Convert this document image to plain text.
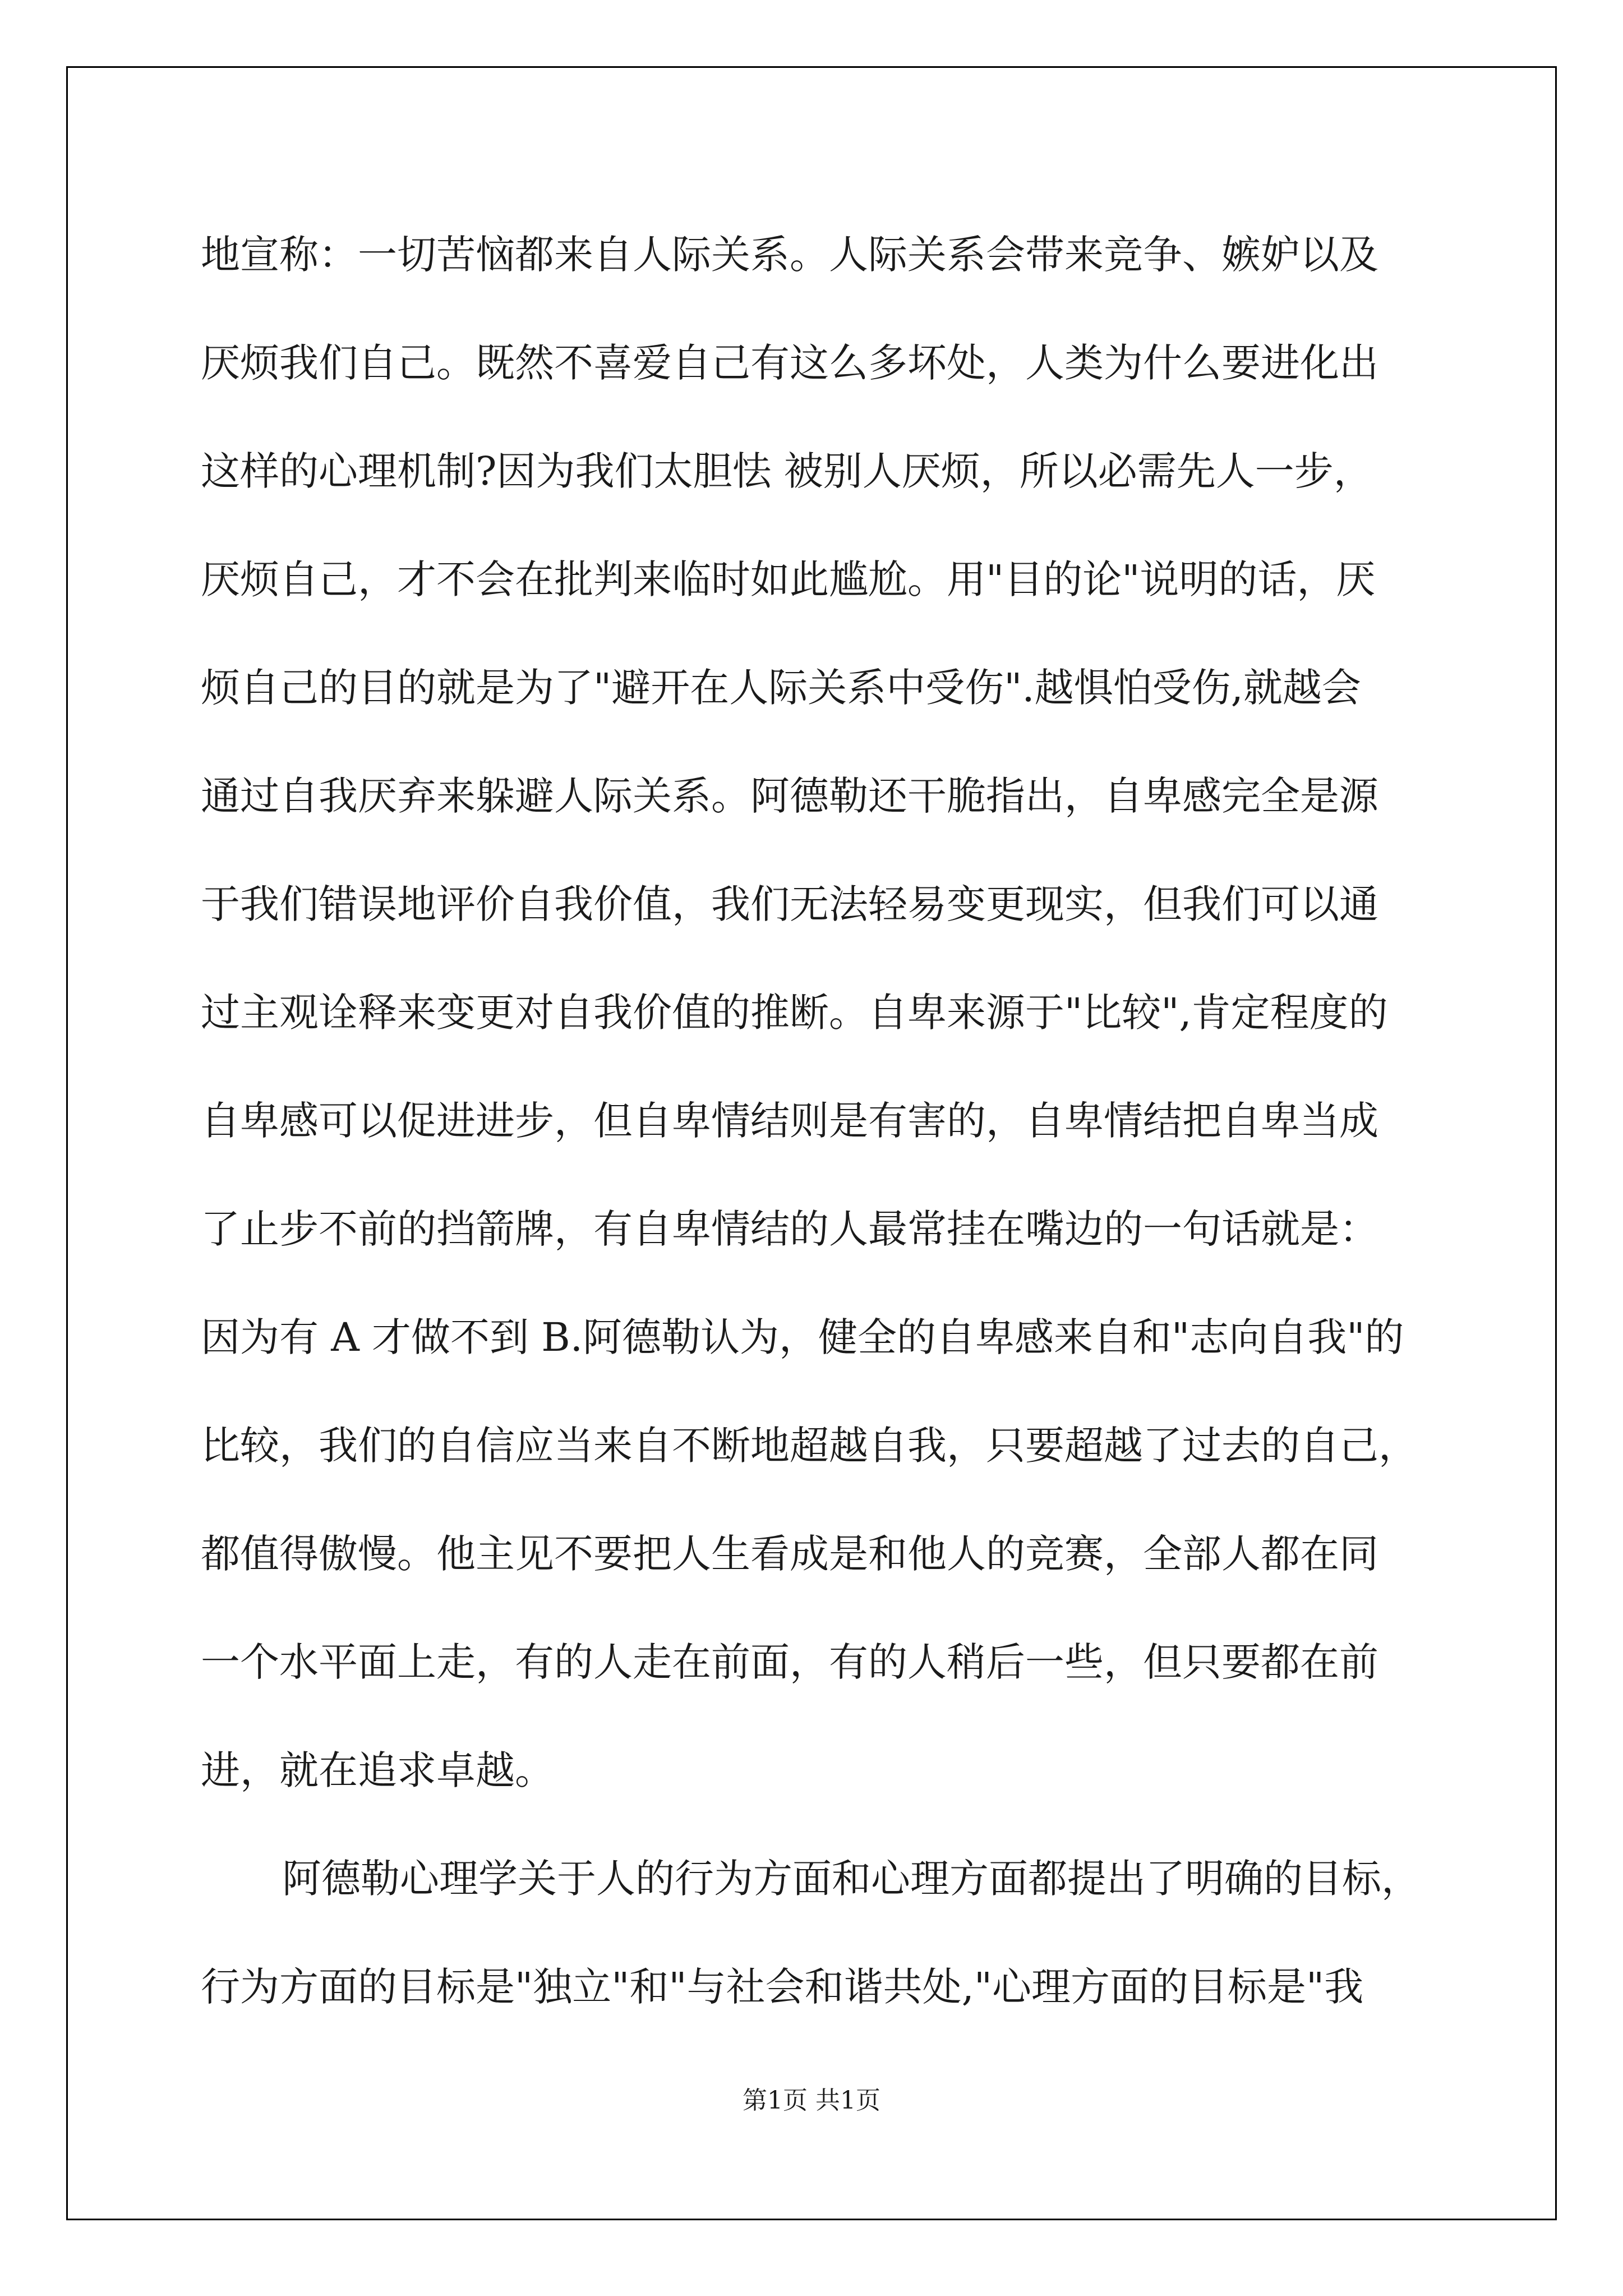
地宣称：一切苦恼都来自人际关系。人际关系会带来竞争、嫉妒以及
厌烦我们自己。既然不喜爱自己有这么多坏处，人类为什么要进化出
这样的心理机制?因为我们太胆怯 被别人厌烦，所以必需先人一步，
厌烦自己，才不会在批判来临时如此尴尬。用"目的论"说明的话，厌
烦自己的目的就是为了"避开在人际关系中受伤".越惧怕受伤,就越会
通过自我厌弃来躲避人际关系。阿德勒还干脆指出，自卑感完全是源
于我们错误地评价自我价值，我们无法轻易变更现实，但我们可以通
过主观诠释来变更对自我价值的推断。自卑来源于"比较",肯定程度的
自卑感可以促进进步，但自卑情结则是有害的，自卑情结把自卑当成
了止步不前的挡箭牌，有自卑情结的人最常挂在嘴边的一句话就是：
因为有 A 才做不到 B.阿德勒认为，健全的自卑感来自和"志向自我"的
比较，我们的自信应当来自不断地超越自我，只要超越了过去的自己，
都值得傲慢。他主见不要把人生看成是和他人的竞赛，全部人都在同
一个水平面上走，有的人走在前面，有的人稍后一些，但只要都在前
进，就在追求卓越。
阿德勒心理学关于人的行为方面和心理方面都提出了明确的目标，
行为方面的目标是"独立"和"与社会和谐共处,"心理方面的目标是"我
第1页 共1页
